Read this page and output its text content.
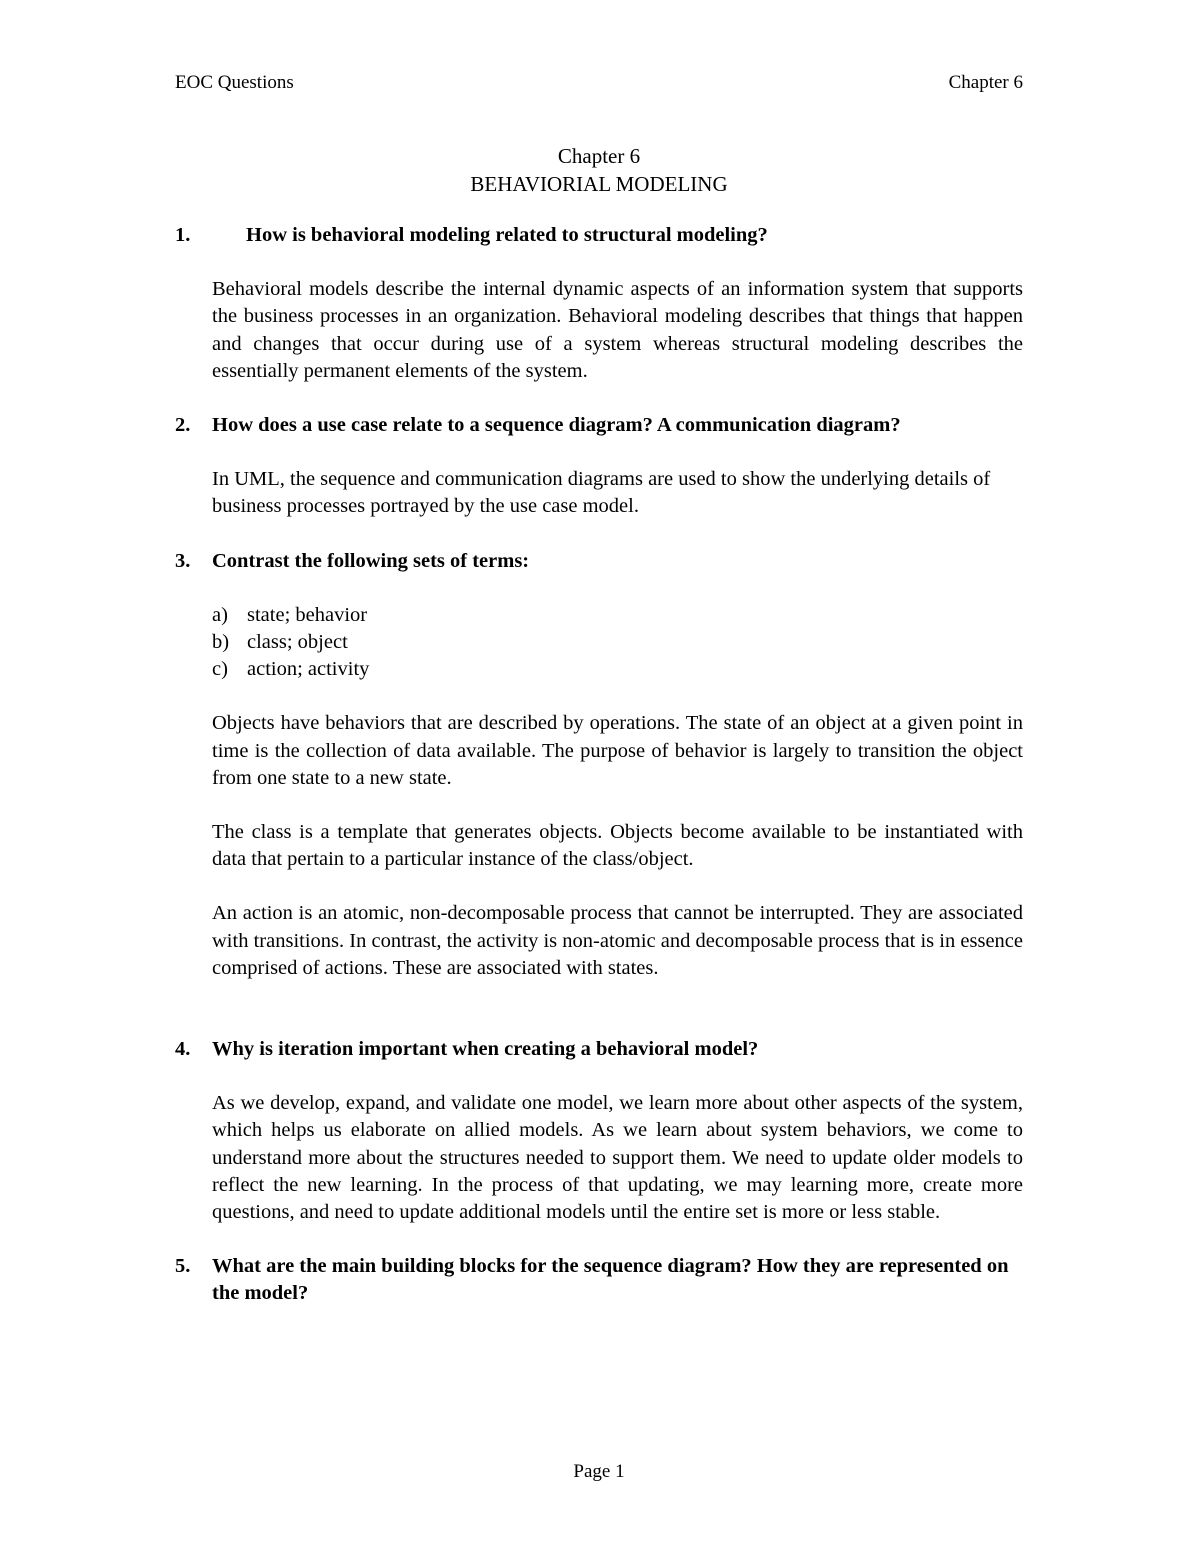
EOC Questions	Chapter 6
Chapter 6
BEHAVIORIAL MODELING

1.	How is behavioral modeling related to structural modeling?

Behavioral models describe the internal dynamic aspects of an information system that supports the business processes in an organization. Behavioral modeling describes that things that happen and changes that occur during use of a system whereas structural modeling describes the essentially permanent elements of the system.

2. How does a use case relate to a sequence diagram? A communication diagram?

In UML, the sequence and communication diagrams are used to show the underlying details of business processes portrayed by the use case model.

3. Contrast the following sets of terms:

a) state; behavior
b) class; object
c) action; activity

Objects have behaviors that are described by operations. The state of an object at a given point in time is the collection of data available. The purpose of behavior is largely to transition the object from one state to a new state.

The class is a template that generates objects. Objects become available to be instantiated with data that pertain to a particular instance of the class/object.

An action is an atomic, non-decomposable process that cannot be interrupted. They are associated with transitions. In contrast, the activity is non-atomic and decomposable process that is in essence comprised of actions. These are associated with states.

4. Why is iteration important when creating a behavioral model?

As we develop, expand, and validate one model, we learn more about other aspects of the system, which helps us elaborate on allied models. As we learn about system behaviors, we come to understand more about the structures needed to support them. We need to update older models to reflect the new learning. In the process of that updating, we may learning more, create more questions, and need to update additional models until the entire set is more or less stable.

5. What are the main building blocks for the sequence diagram? How they are represented on the model?

Page 1
